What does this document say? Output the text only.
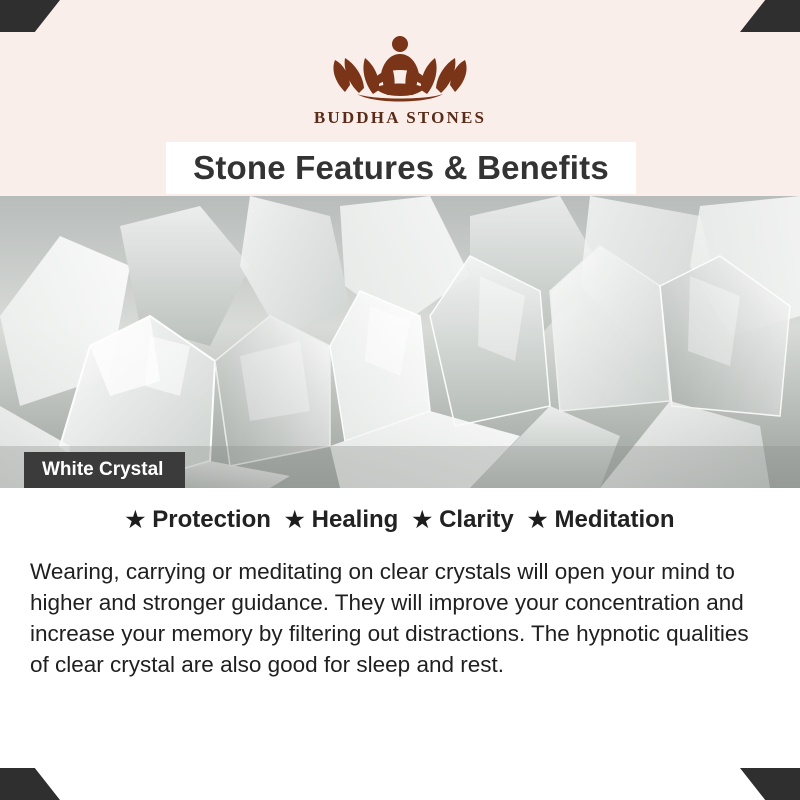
BUDDHA STONES
Stone Features & Benefits
White Crystal
★ Protection ★ Healing ★ Clarity ★ Meditation
Wearing, carrying or meditating on clear crystals will open your mind to higher and stronger guidance. They will improve your concentration and increase your memory by filtering out distractions. The hypnotic qualities of clear crystal are also good for sleep and rest.
